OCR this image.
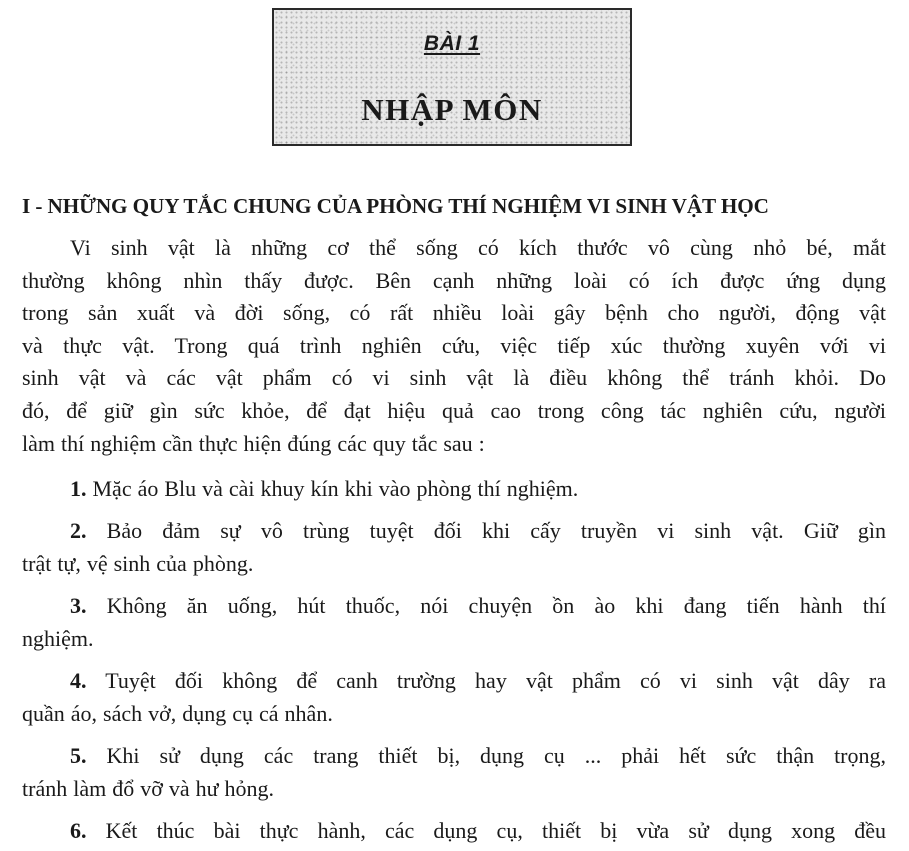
BÀI 1
NHẬP MÔN
I - NHỮNG QUY TẮC CHUNG CỦA PHÒNG THÍ NGHIỆM VI SINH VẬT HỌC
Vi sinh vật là những cơ thể sống có kích thước vô cùng nhỏ bé, mắt
thường không nhìn thấy được. Bên cạnh những loài có ích được ứng dụng
trong sản xuất và đời sống, có rất nhiều loài gây bệnh cho người, động vật
và thực vật. Trong quá trình nghiên cứu, việc tiếp xúc thường xuyên với vi
sinh vật và các vật phẩm có vi sinh vật là điều không thể tránh khỏi. Do
đó, để giữ gìn sức khỏe, để đạt hiệu quả cao trong công tác nghiên cứu, người
làm thí nghiệm cần thực hiện đúng các quy tắc sau :
1. Mặc áo Blu và cài khuy kín khi vào phòng thí nghiệm.
2. Bảo đảm sự vô trùng tuyệt đối khi cấy truyền vi sinh vật. Giữ gìn
trật tự, vệ sinh của phòng.
3. Không ăn uống, hút thuốc, nói chuyện ồn ào khi đang tiến hành thí
nghiệm.
4. Tuyệt đối không để canh trường hay vật phẩm có vi sinh vật dây ra
quần áo, sách vở, dụng cụ cá nhân.
5. Khi sử dụng các trang thiết bị, dụng cụ ... phải hết sức thận trọng,
tránh làm đổ vỡ và hư hỏng.
6. Kết thúc bài thực hành, các dụng cụ, thiết bị vừa sử dụng xong đều
